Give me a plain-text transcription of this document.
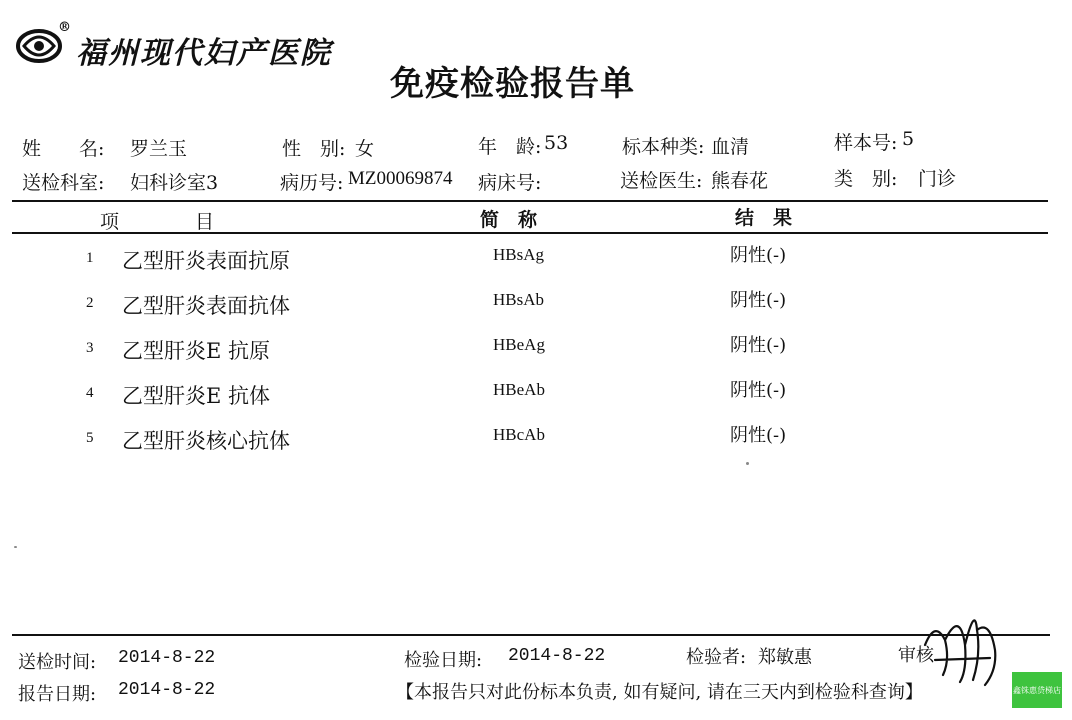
®
福州现代妇产医院
免疫检验报告单
姓　　名: 罗兰玉	性　别: 女	年　龄: 53	标本种类: 血清	样本号: 5
送检科室: 妇科诊室3	病历号: MZ00069874 病床号:	送检医生: 熊春花	类　别: 门诊
项　　　　目	简　称	结　果
1 乙型肝炎表面抗原	HBsAg	阴性(-)
2 乙型肝炎表面抗体	HBsAb	阴性(-)
3 乙型肝炎E 抗原	HBeAg	阴性(-)
4 乙型肝炎E 抗体	HBeAb	阴性(-)
5 乙型肝炎核心抗体	HBcAb	阴性(-)
送检时间: 2014-8-22	检验日期: 2014-8-22	检验者: 郑敏惠	审核
报告日期: 2014-8-22	【本报告只对此份标本负责, 如有疑问, 请在三天内到检验科查询】	鑫铢惠贷梯店
